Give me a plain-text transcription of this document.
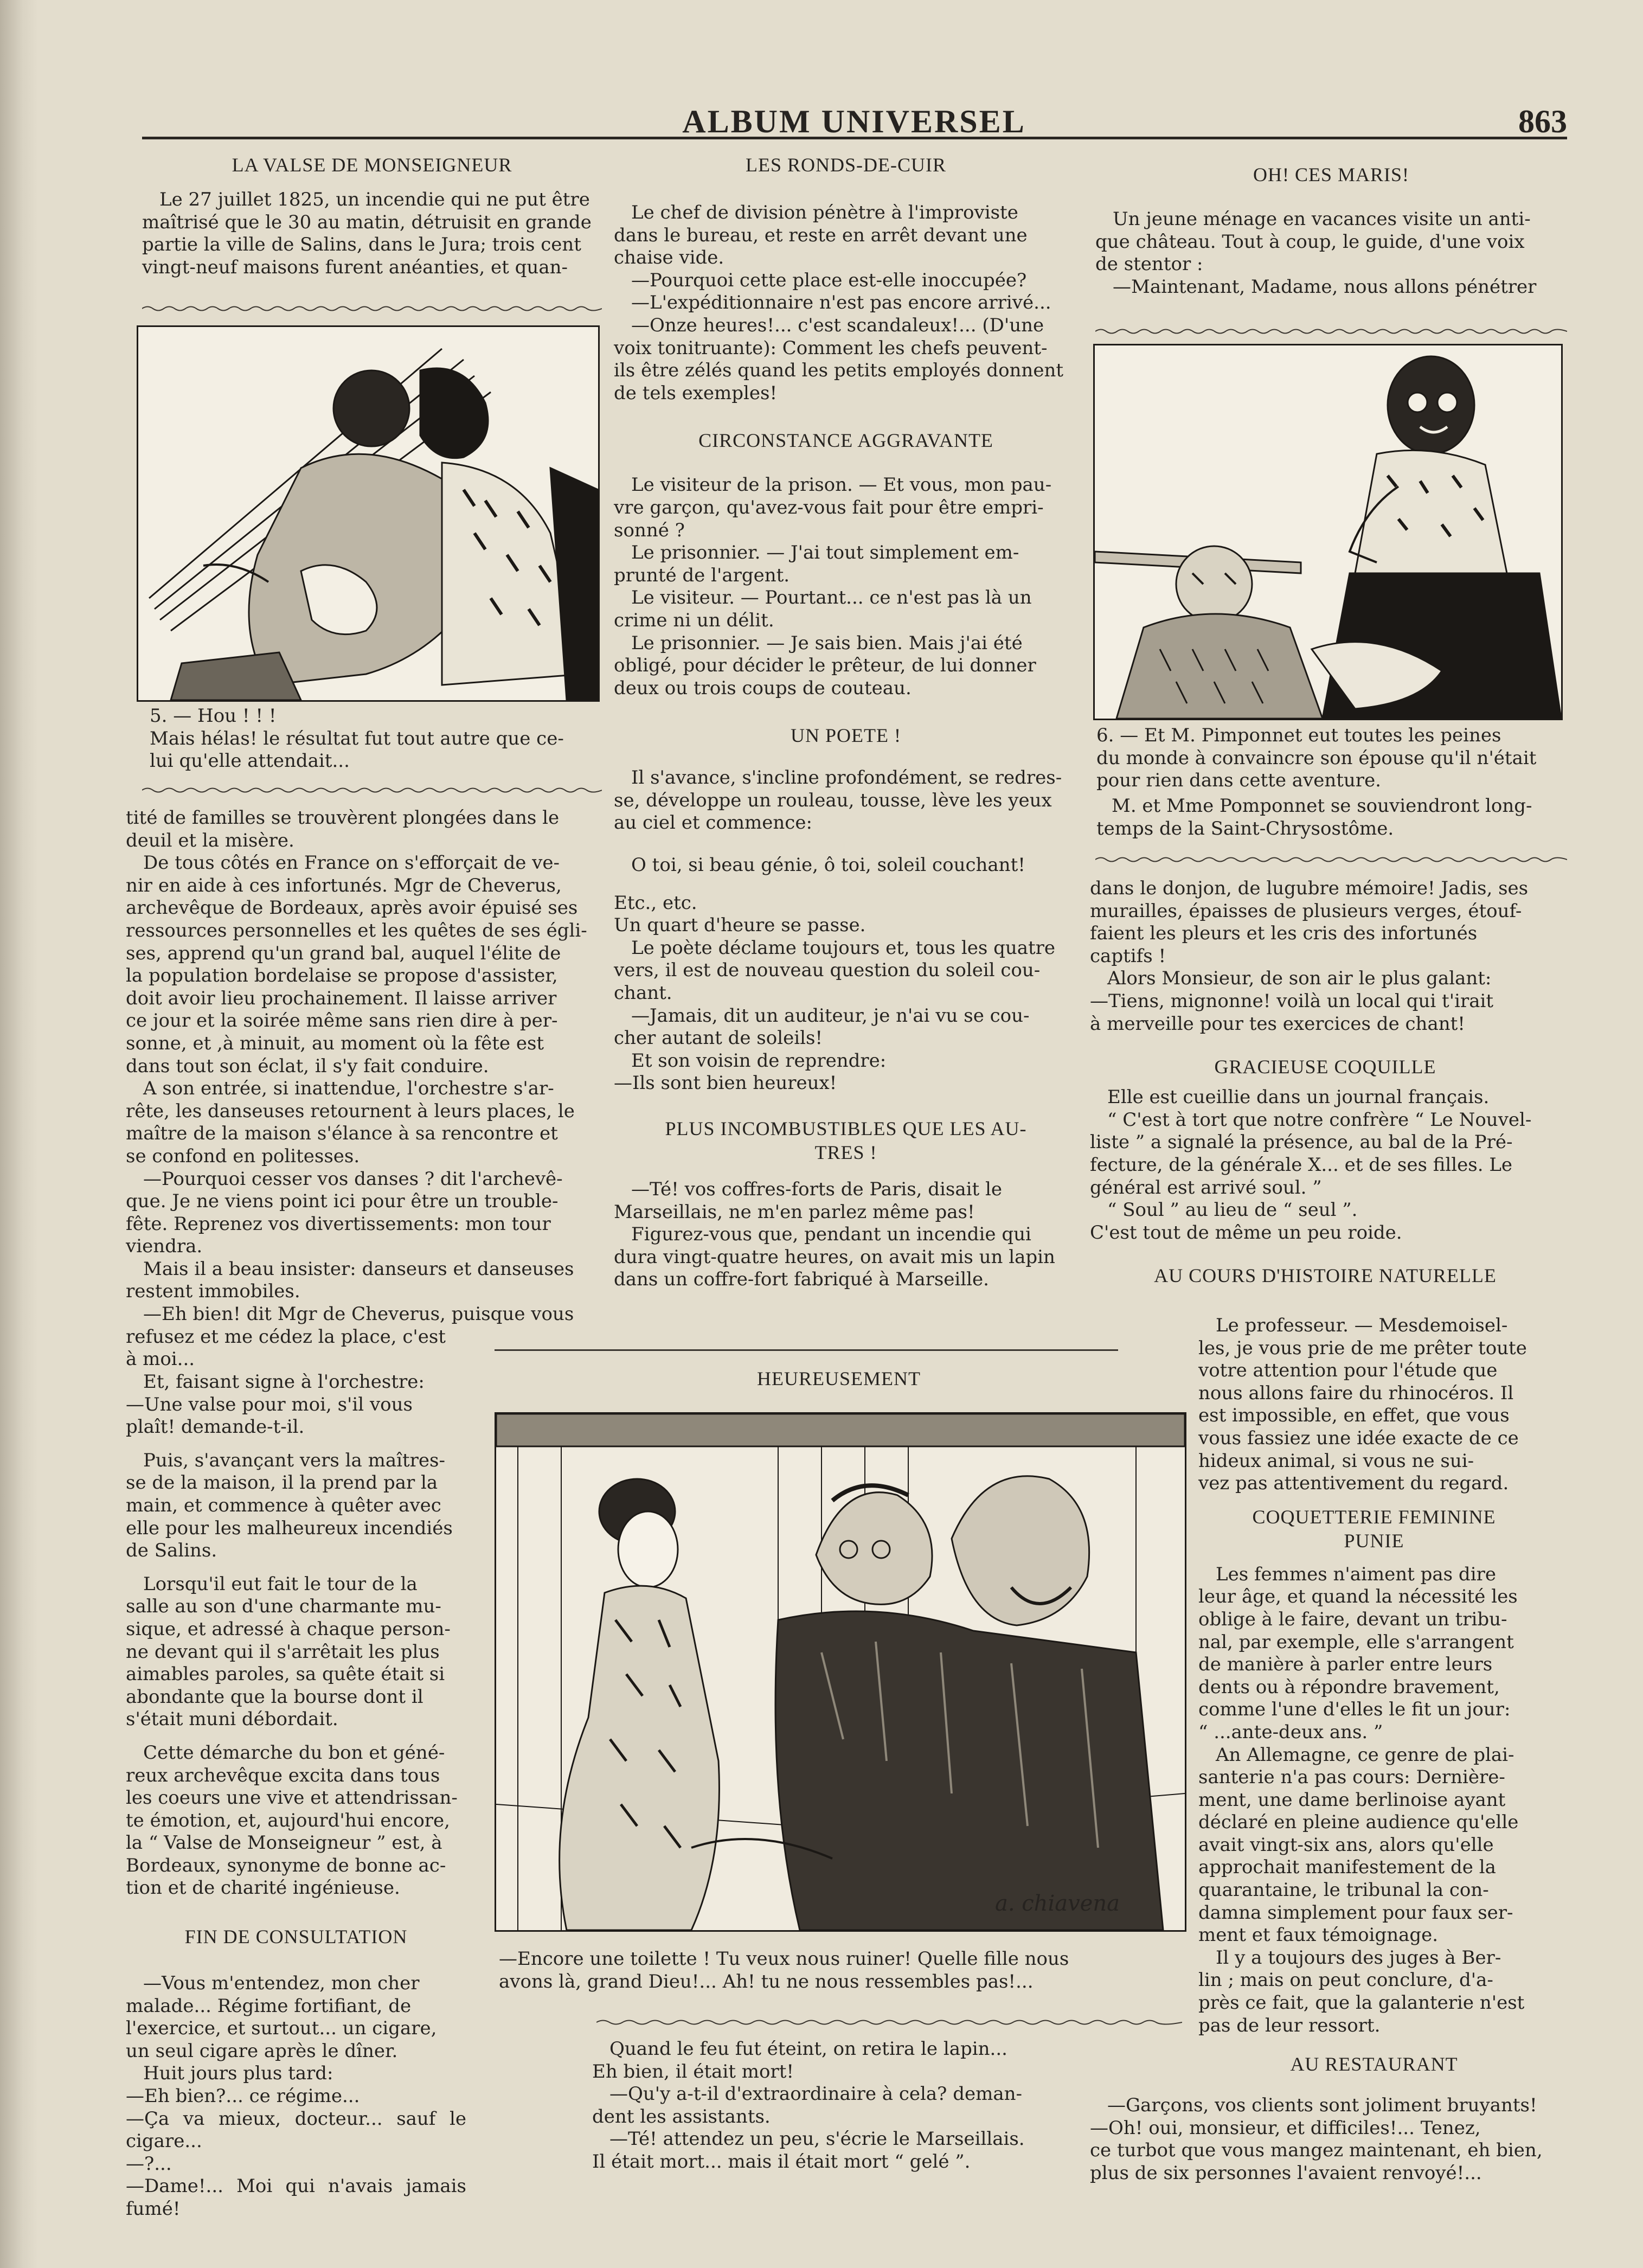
ALBUM UNIVERSEL	863
LA VALSE DE MONSEIGNEUR

Le 27 juillet 1825, un incendie qui ne put être
maîtrisé que le 30 au matin, détruisit en grande
partie la ville de Salins, dans le Jura; trois cent
vingt-neuf maisons furent anéanties, et quan-

5. — Hou ! ! !
Mais hélas! le résultat fut tout autre que ce-
lui qu'elle attendait...

tité de familles se trouvèrent plongées dans le
deuil et la misère.

De tous côtés en France on s'efforçait de ve-
nir en aide à ces infortunés. Mgr de Cheverus,
archevêque de Bordeaux, après avoir épuisé ses
ressources personnelles et les quêtes de ses égli-
ses, apprend qu'un grand bal, auquel l'élite de
la population bordelaise se propose d'assister,
doit avoir lieu prochainement. Il laisse arriver
ce jour et la soirée même sans rien dire à per-
sonne, et ,à minuit, au moment où la fête est
dans tout son éclat, il s'y fait conduire.

A son entrée, si inattendue, l'orchestre s'ar-
rête, les danseuses retournent à leurs places, le
maître de la maison s'élance à sa rencontre et
se confond en politesses.

—Pourquoi cesser vos danses ? dit l'archevê-
que. Je ne viens point ici pour être un trouble-
fête. Reprenez vos divertissements: mon tour
viendra.

Mais il a beau insister: danseurs et danseuses
restent immobiles.

—Eh bien! dit Mgr de Cheverus, puisque vous
refusez et me cédez la place, c'est
à moi...

Et, faisant signe à l'orchestre:
—Une valse pour moi, s'il vous
plaît! demande-t-il.

Puis, s'avançant vers la maîtres-
se de la maison, il la prend par la
main, et commence à quêter avec
elle pour les malheureux incendiés
de Salins.

Lorsqu'il eut fait le tour de la
salle au son d'une charmante mu-
sique, et adressé à chaque person-
ne devant qui il s'arrêtait les plus
aimables paroles, sa quête était si
abondante que la bourse dont il
s'était muni débordait.

Cette démarche du bon et géné-
reux archevêque excita dans tous
les coeurs une vive et attendrissan-
te émotion, et, aujourd'hui encore,
la “ Valse de Monseigneur ” est, à
Bordeaux, synonyme de bonne ac-
tion et de charité ingénieuse.

FIN DE CONSULTATION

—Vous m'entendez, mon cher
malade... Régime fortifiant, de
l'exercice, et surtout... un cigare,
un seul cigare après le dîner.

Huit jours plus tard:
—Eh bien?... ce régime...
—Ça va mieux, docteur... sauf le cigare...
—?...
—Dame!... Moi qui n'avais jamais fumé!

LES RONDS-DE-CUIR

Le chef de division pénètre à l'improviste
dans le bureau, et reste en arrêt devant une
chaise vide.

—Pourquoi cette place est-elle inoccupée?

—L'expéditionnaire n'est pas encore arrivé...

—Onze heures!... c'est scandaleux!... (D'une
voix tonitruante): Comment les chefs peuvent-
ils être zélés quand les petits employés donnent
de tels exemples!

CIRCONSTANCE AGGRAVANTE

Le visiteur de la prison. — Et vous, mon pau-
vre garçon, qu'avez-vous fait pour être empri-
sonné ?

Le prisonnier. — J'ai tout simplement em-
prunté de l'argent.

Le visiteur. — Pourtant... ce n'est pas là un
crime ni un délit.

Le prisonnier. — Je sais bien. Mais j'ai été
obligé, pour décider le prêteur, de lui donner
deux ou trois coups de couteau.

UN POETE !

Il s'avance, s'incline profondément, se redres-
se, développe un rouleau, tousse, lève les yeux
au ciel et commence:

O toi, si beau génie, ô toi, soleil couchant!

Etc., etc.
Un quart d'heure se passe.

Le poète déclame toujours et, tous les quatre
vers, il est de nouveau question du soleil cou-
chant.

—Jamais, dit un auditeur, je n'ai vu se cou-
cher autant de soleils!

Et son voisin de reprendre:
—Ils sont bien heureux!

PLUS INCOMBUSTIBLES QUE LES AU-
TRES !

—Té! vos coffres-forts de Paris, disait le
Marseillais, ne m'en parlez même pas!

Figurez-vous que, pendant un incendie qui
dura vingt-quatre heures, on avait mis un lapin
dans un coffre-fort fabriqué à Marseille.

HEUREUSEMENT
a. chiavena
—Encore une toilette ! Tu veux nous ruiner! Quelle fille nous
avons là, grand Dieu!... Ah! tu ne nous ressembles pas!...

Quand le feu fut éteint, on retira le lapin...
Eh bien, il était mort!

—Qu'y a-t-il d'extraordinaire à cela? deman-
dent les assistants.

—Té! attendez un peu, s'écrie le Marseillais.
Il était mort... mais il était mort “ gelé ”.

OH! CES MARIS!

Un jeune ménage en vacances visite un anti-
que château. Tout à coup, le guide, d'une voix
de stentor :

—Maintenant, Madame, nous allons pénétrer

6. — Et M. Pimponnet eut toutes les peines
du monde à convaincre son épouse qu'il n'était
pour rien dans cette aventure.
M. et Mme Pomponnet se souviendront long-
temps de la Saint-Chrysostôme.

dans le donjon, de lugubre mémoire! Jadis, ses
murailles, épaisses de plusieurs verges, étouf-
faient les pleurs et les cris des infortunés
captifs !

Alors Monsieur, de son air le plus galant:
—Tiens, mignonne! voilà un local qui t'irait
à merveille pour tes exercices de chant!

GRACIEUSE COQUILLE

Elle est cueillie dans un journal français.

“ C'est à tort que notre confrère “ Le Nouvel-
liste ” a signalé la présence, au bal de la Pré-
fecture, de la générale X... et de ses filles. Le
général est arrivé soul. ”

“ Soul ” au lieu de “ seul ”.
C'est tout de même un peu roide.

AU COURS D'HISTOIRE NATURELLE

Le professeur. — Mesdemoisel-
les, je vous prie de me prêter toute
votre attention pour l'étude que
nous allons faire du rhinocéros. Il
est impossible, en effet, que vous
vous fassiez une idée exacte de ce
hideux animal, si vous ne sui-
vez pas attentivement du regard.

COQUETTERIE FEMININE
PUNIE

Les femmes n'aiment pas dire
leur âge, et quand la nécessité les
oblige à le faire, devant un tribu-
nal, par exemple, elle s'arrangent
de manière à parler entre leurs
dents ou à répondre bravement,
comme l'une d'elles le fit un jour:
“ ...ante-deux ans. ”

An Allemagne, ce genre de plai-
santerie n'a pas cours: Dernière-
ment, une dame berlinoise ayant
déclaré en pleine audience qu'elle
avait vingt-six ans, alors qu'elle
approchait manifestement de la
quarantaine, le tribunal la con-
damna simplement pour faux ser-
ment et faux témoignage.

Il y a toujours des juges à Ber-
lin ; mais on peut conclure, d'a-
près ce fait, que la galanterie n'est
pas de leur ressort.

AU RESTAURANT

—Garçons, vos clients sont joliment bruyants!
—Oh! oui, monsieur, et difficiles!... Tenez,
ce turbot que vous mangez maintenant, eh bien,
plus de six personnes l'avaient renvoyé!...
